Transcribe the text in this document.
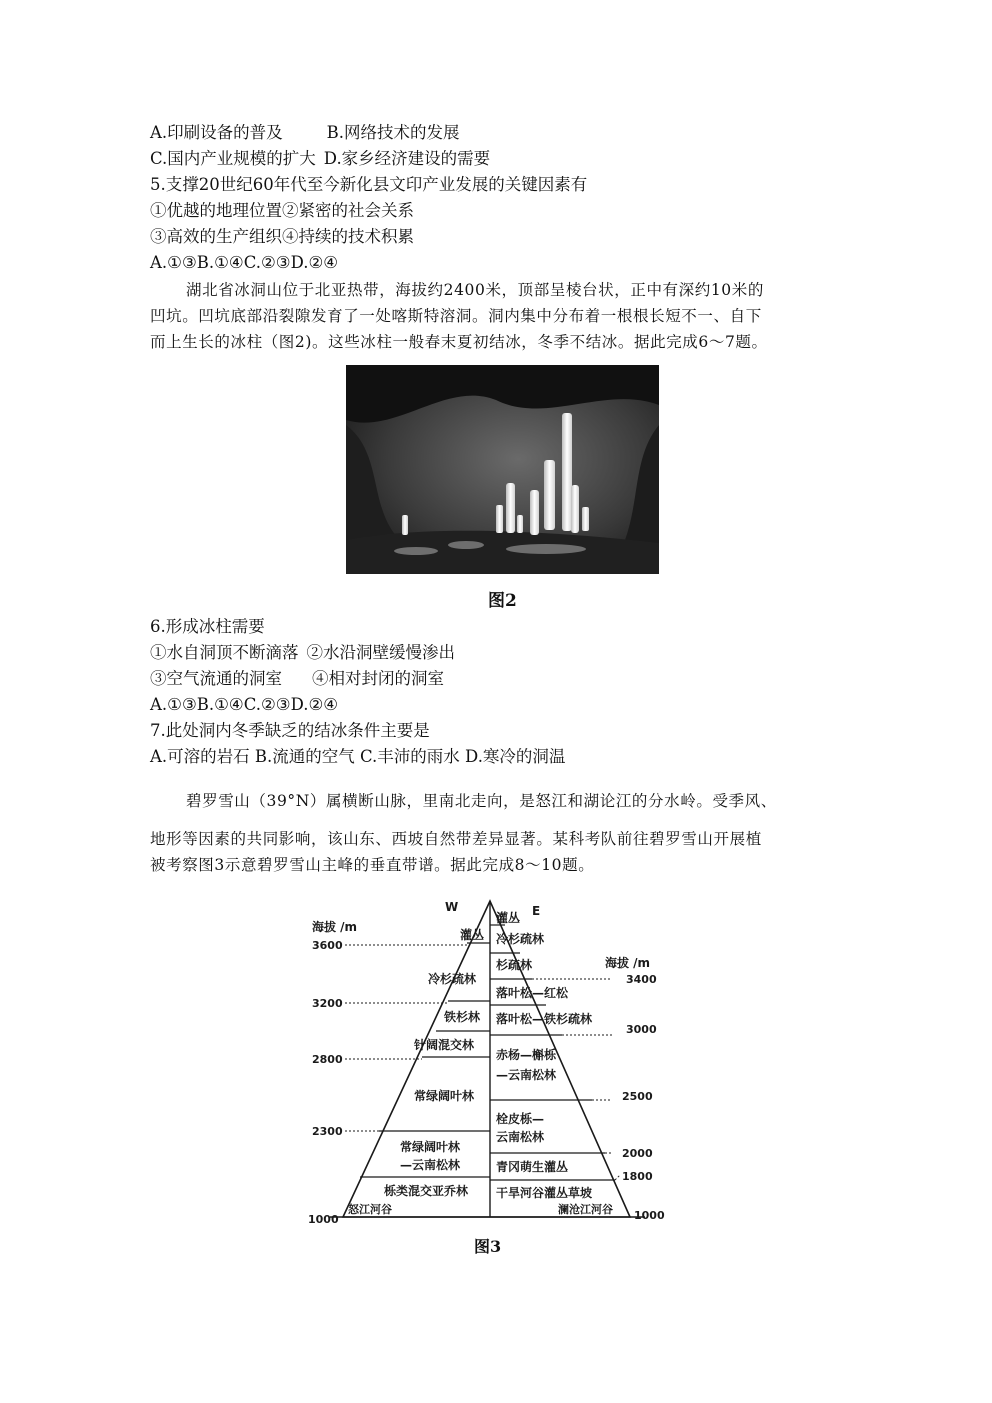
A.印刷设备的普及	B.网络技术的发展
C.国内产业规模的扩大 D.家乡经济建设的需要
5.支撑20世纪60年代至今新化县文印产业发展的关键因素有
①优越的地理位置②紧密的社会关系
③高效的生产组织④持续的技术积累
A.①③B.①④C.②③D.②④
湖北省冰洞山位于北亚热带，海拔约2400米，顶部呈棱台状，正中有深约10米的
凹坑。凹坑底部沿裂隙发育了一处喀斯特溶洞。洞内集中分布着一根根长短不一、自下
而上生长的冰柱（图2)。这些冰柱一般春末夏初结冰，冬季不结冰。据此完成6～7题。
图2
6.形成冰柱需要
①水自洞顶不断滴落 ②水沿洞壁缓慢渗出
③空气流通的洞室 ④相对封闭的洞室
A.①③B.①④C.②③D.②④
7.此处洞内冬季缺乏的结冰条件主要是
A.可溶的岩石 B.流通的空气 C.丰沛的雨水 D.寒冷的洞温
碧罗雪山（39°N）属横断山脉，里南北走向，是怒江和湖论江的分水岭。受季风、
地形等因素的共同影响，该山东、西坡自然带差异显著。某科考队前往碧罗雪山开展植
被考察图3示意碧罗雪山主峰的垂直带谱。据此完成8～10题。
W	E
海拔 /m
海拔 /m
3600
3200
2800
2300
1000
3400
3000
2500
2000
1800
1000
灌丛
冷杉疏林
铁杉林
针阔混交林
常绿阔叶林
常绿阔叶林
—云南松林
栎类混交亚乔林
灌丛
冷杉疏林
杉疏林
落叶松—红松
落叶松—铁杉疏林
赤杨—槲栎
—云南松林
栓皮栎—
云南松林
青冈萌生灌丛
干旱河谷灌丛草坡
怒江河谷	澜沧江河谷
图3
